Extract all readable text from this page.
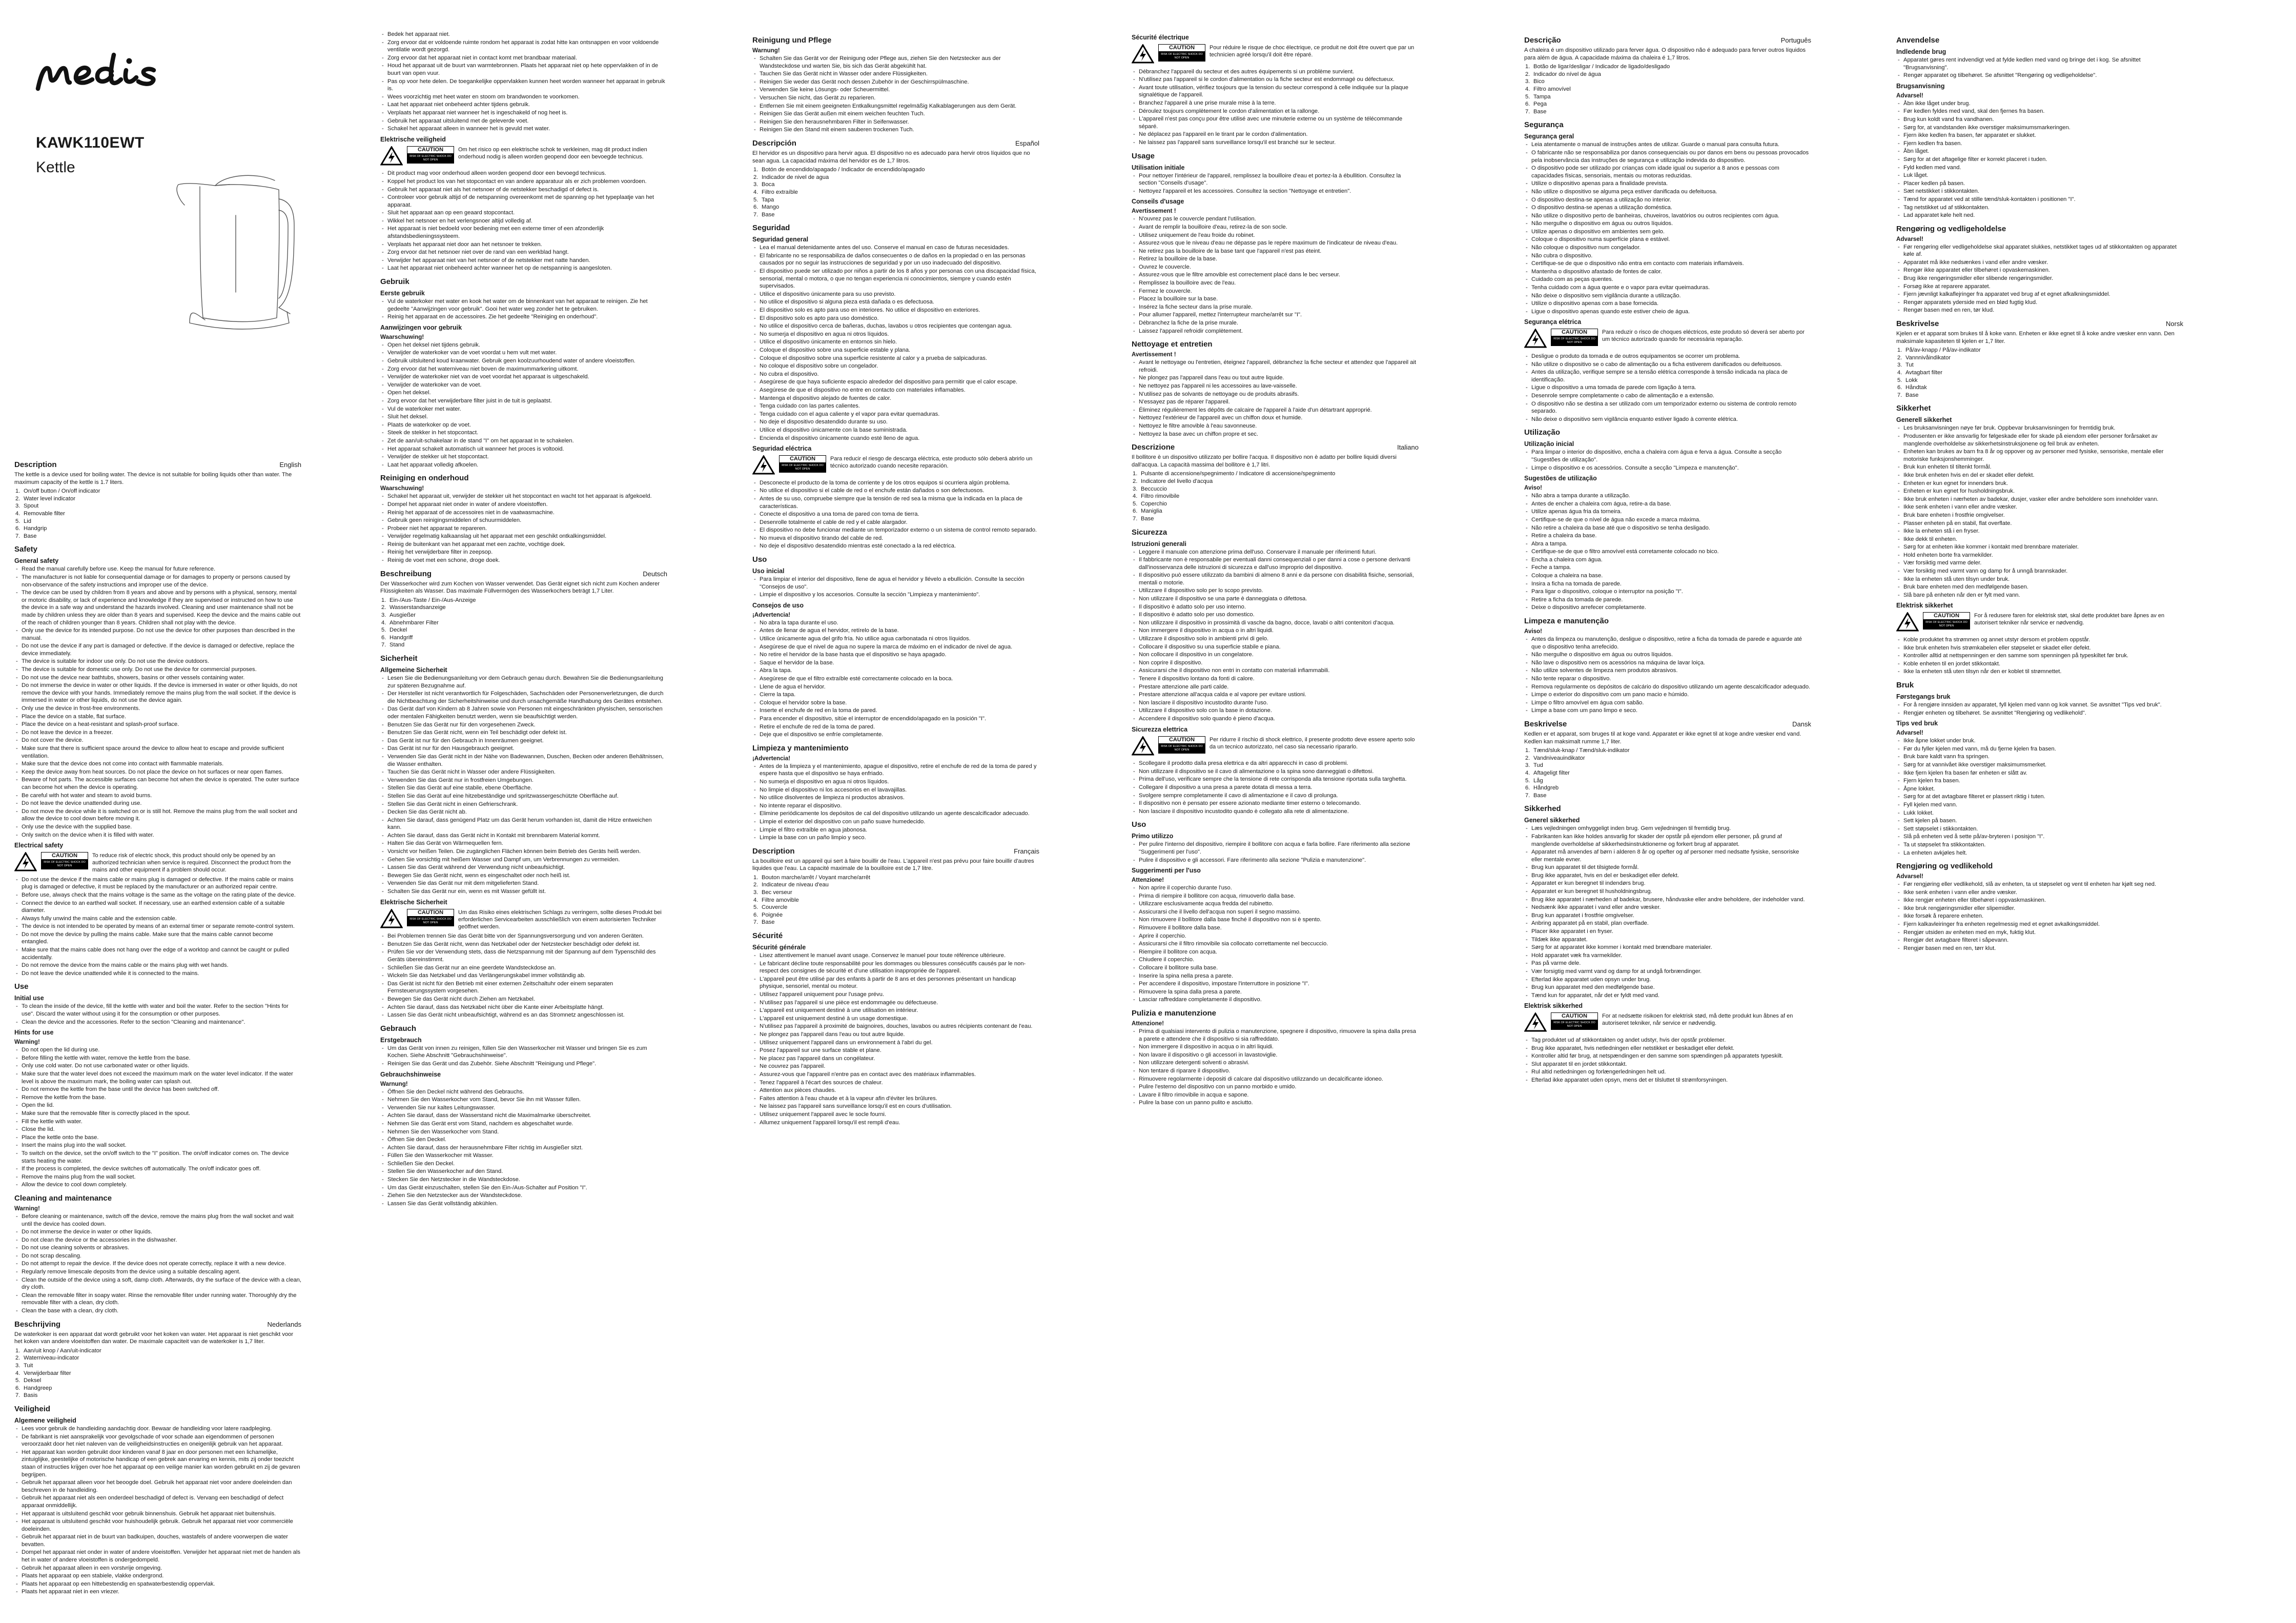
KAWK110EWT
Kettle
Description	English

The kettle is a device used for boiling water. The device is not suitable for boiling liquids other than water. The maximum capacity of the kettle is 1.7 liters.

1. On/off button / On/off indicator
2. Water level indicator
3. Spout
4. Removable filter
5. Lid
6. Handgrip
7. Base
Safety
General safety
- Read the manual carefully before use. Keep the manual for future reference.
- The manufacturer is not liable for consequential damage or for damages to property or persons caused by non-observance of the safety instructions and improper use of the device.
- The device can be used by children from 8 years and above and by persons with a physical, sensory, mental or motoric disability, or lack of experience and knowledge if they are supervised or instructed on how to use the device in a safe way and understand the hazards involved. Cleaning and user maintenance shall not be made by children unless they are older than 8 years and supervised. Keep the device and the mains cable out of the reach of children younger than 8 years. Children shall not play with the device.
- Only use the device for its intended purpose. Do not use the device for other purposes than described in the manual.
- Do not use the device if any part is damaged or defective. If the device is damaged or defective, replace the device immediately.
- The device is suitable for indoor use only. Do not use the device outdoors.
- The device is suitable for domestic use only. Do not use the device for commercial purposes.
- Do not use the device near bathtubs, showers, basins or other vessels containing water.
- Do not immerse the device in water or other liquids. If the device is immersed in water or other liquids, do not remove the device with your hands. Immediately remove the mains plug from the wall socket. If the device is immersed in water or other liquids, do not use the device again.
- Only use the device in frost-free environments.
- Place the device on a stable, flat surface.
- Place the device on a heat-resistant and splash-proof surface.
- Do not leave the device in a freezer.
- Do not cover the device.
- Make sure that there is sufficient space around the device to allow heat to escape and provide sufficient ventilation.
- Make sure that the device does not come into contact with flammable materials.
- Keep the device away from heat sources. Do not place the device on hot surfaces or near open flames.
- Beware of hot parts. The accessible surfaces can become hot when the device is operated. The outer surface can become hot when the device is operating.
- Be careful with hot water and steam to avoid burns.
- Do not leave the device unattended during use.
- Do not move the device while it is switched on or is still hot. Remove the mains plug from the wall socket and allow the device to cool down before moving it.
- Only use the device with the supplied base.
- Only switch on the device when it is filled with water.
Electrical safety
CAUTION
RISK OF ELECTRIC SHOCK DO NOT OPEN
To reduce risk of electric shock, this product should only be opened by an authorized technician when service is required. Disconnect the product from the mains and other equipment if a problem should occur.
- Do not use the device if the mains cable or mains plug is damaged or defective. If the mains cable or mains plug is damaged or defective, it must be replaced by the manufacturer or an authorized repair centre.
- Before use, always check that the mains voltage is the same as the voltage on the rating plate of the device.
- Connect the device to an earthed wall socket. If necessary, use an earthed extension cable of a suitable diameter.
- Always fully unwind the mains cable and the extension cable.
- The device is not intended to be operated by means of an external timer or separate remote-control system.
- Do not move the device by pulling the mains cable. Make sure that the mains cable cannot become entangled.
- Make sure that the mains cable does not hang over the edge of a worktop and cannot be caught or pulled accidentally.
- Do not remove the device from the mains cable or the mains plug with wet hands.
- Do not leave the device unattended while it is connected to the mains.
Use
Initial use
- To clean the inside of the device, fill the kettle with water and boil the water. Refer to the section "Hints for use". Discard the water without using it for the consumption or other purposes.
- Clean the device and the accessories. Refer to the section "Cleaning and maintenance".
Hints for use
Warning!
- Do not open the lid during use.
- Before filling the kettle with water, remove the kettle from the base.
- Only use cold water. Do not use carbonated water or other liquids.
- Make sure that the water level does not exceed the maximum mark on the water level indicator. If the water level is above the maximum mark, the boiling water can splash out.
- Do not remove the kettle from the base until the device has been switched off.
- Remove the kettle from the base.
- Open the lid.
- Make sure that the removable filter is correctly placed in the spout.
- Fill the kettle with water.
- Close the lid.
- Place the kettle onto the base.
- Insert the mains plug into the wall socket.
- To switch on the device, set the on/off switch to the "I" position. The on/off indicator comes on. The device starts heating the water.
- If the process is completed, the device switches off automatically. The on/off indicator goes off.
- Remove the mains plug from the wall socket.
- Allow the device to cool down completely.
Cleaning and maintenance
Warning!
- Before cleaning or maintenance, switch off the device, remove the mains plug from the wall socket and wait until the device has cooled down.
- Do not immerse the device in water or other liquids.
- Do not clean the device or the accessories in the dishwasher.
- Do not use cleaning solvents or abrasives.
- Do not scrap descaling.
- Do not attempt to repair the device. If the device does not operate correctly, replace it with a new device.
- Regularly remove limescale deposits from the device using a suitable descaling agent.
- Clean the outside of the device using a soft, damp cloth. Afterwards, dry the surface of the device with a clean, dry cloth.
- Clean the removable filter in soapy water. Rinse the removable filter under running water. Thoroughly dry the removable filter with a clean, dry cloth.
- Clean the base with a clean, dry cloth.
Beschrijving	Nederlands

De waterkoker is een apparaat dat wordt gebruikt voor het koken van water. Het apparaat is niet geschikt voor het koken van andere vloeistoffen dan water. De maximale capaciteit van de waterkoker is 1,7 liter.

1. Aan/uit knop / Aan/uit-indicator
2. Waterniveau-indicator
3. Tuit
4. Verwijderbaar filter
5. Deksel
6. Handgreep
7. Basis
Veiligheid
Algemene veiligheid
- Lees voor gebruik de handleiding aandachtig door. Bewaar de handleiding voor latere raadpleging.
- De fabrikant is niet aansprakelijk voor gevolgschade of voor schade aan eigendommen of personen veroorzaakt door het niet naleven van de veiligheidsinstructies en oneigenlijk gebruik van het apparaat.
- Het apparaat kan worden gebruikt door kinderen vanaf 8 jaar en door personen met een lichamelijke, zintuiglijke, geestelijke of motorische handicap of een gebrek aan ervaring en kennis, mits zij onder toezicht staan of instructies krijgen over hoe het apparaat op een veilige manier kan worden gebruikt en zij de gevaren begrijpen.
- Gebruik het apparaat alleen voor het beoogde doel. Gebruik het apparaat niet voor andere doeleinden dan beschreven in de handleiding.
- Gebruik het apparaat niet als een onderdeel beschadigd of defect is. Vervang een beschadigd of defect apparaat onmiddellijk.
- Het apparaat is uitsluitend geschikt voor gebruik binnenshuis. Gebruik het apparaat niet buitenshuis.
- Het apparaat is uitsluitend geschikt voor huishoudelijk gebruik. Gebruik het apparaat niet voor commerciële doeleinden.
- Gebruik het apparaat niet in de buurt van badkuipen, douches, wastafels of andere voorwerpen die water bevatten.
- Dompel het apparaat niet onder in water of andere vloeistoffen. Verwijder het apparaat niet met de handen als het in water of andere vloeistoffen is ondergedompeld.
- Gebruik het apparaat alleen in een vorstvrije omgeving.
- Plaats het apparaat op een stabiele, vlakke ondergrond.
- Plaats het apparaat op een hittebestendig en spatwaterbestendig oppervlak.
- Plaats het apparaat niet in een vriezer.
- Bedek het apparaat niet.
- Zorg ervoor dat er voldoende ruimte rondom het apparaat is zodat hitte kan ontsnappen en voor voldoende ventilatie wordt gezorgd.
- Zorg ervoor dat het apparaat niet in contact komt met brandbaar materiaal.
- Houd het apparaat uit de buurt van warmtebronnen. Plaats het apparaat niet op hete oppervlakken of in de buurt van open vuur.
- Pas op voor hete delen. De toegankelijke oppervlakken kunnen heet worden wanneer het apparaat in gebruik is.
- Wees voorzichtig met heet water en stoom om brandwonden te voorkomen.
- Laat het apparaat niet onbeheerd achter tijdens gebruik.
- Verplaats het apparaat niet wanneer het is ingeschakeld of nog heet is.
- Gebruik het apparaat uitsluitend met de geleverde voet.
- Schakel het apparaat alleen in wanneer het is gevuld met water.
Elektrische veiligheid
CAUTION
RISK OF ELECTRIC SHOCK DO NOT OPEN
Om het risico op een elektrische schok te verkleinen, mag dit product indien onderhoud nodig is alleen worden geopend door een bevoegde technicus.
- Dit product mag voor onderhoud alleen worden geopend door een bevoegd technicus.
- Koppel het product los van het stopcontact en van andere apparatuur als er zich problemen voordoen.
- Gebruik het apparaat niet als het netsnoer of de netstekker beschadigd of defect is.
- Controleer voor gebruik altijd of de netspanning overeenkomt met de spanning op het typeplaatje van het apparaat.
- Sluit het apparaat aan op een geaard stopcontact.
- Wikkel het netsnoer en het verlengsnoer altijd volledig af.
- Het apparaat is niet bedoeld voor bediening met een externe timer of een afzonderlijk afstandsbedieningssysteem.
- Verplaats het apparaat niet door aan het netsnoer te trekken.
- Zorg ervoor dat het netsnoer niet over de rand van een werkblad hangt.
- Verwijder het apparaat niet van het netsnoer of de netstekker met natte handen.
- Laat het apparaat niet onbeheerd achter wanneer het op de netspanning is aangesloten.
Gebruik
Eerste gebruik
- Vul de waterkoker met water en kook het water om de binnenkant van het apparaat te reinigen. Zie het gedeelte "Aanwijzingen voor gebruik". Gooi het water weg zonder het te gebruiken.
- Reinig het apparaat en de accessoires. Zie het gedeelte "Reiniging en onderhoud".
Aanwijzingen voor gebruik
Waarschuwing!
- Open het deksel niet tijdens gebruik.
- Verwijder de waterkoker van de voet voordat u hem vult met water.
- Gebruik uitsluitend koud kraanwater. Gebruik geen koolzuurhoudend water of andere vloeistoffen.
- Zorg ervoor dat het waterniveau niet boven de maximummarkering uitkomt.
- Verwijder de waterkoker niet van de voet voordat het apparaat is uitgeschakeld.
- Verwijder de waterkoker van de voet.
- Open het deksel.
- Zorg ervoor dat het verwijderbare filter juist in de tuit is geplaatst.
- Vul de waterkoker met water.
- Sluit het deksel.
- Plaats de waterkoker op de voet.
- Steek de stekker in het stopcontact.
- Zet de aan/uit-schakelaar in de stand "I" om het apparaat in te schakelen.
- Het apparaat schakelt automatisch uit wanneer het proces is voltooid.
- Verwijder de stekker uit het stopcontact.
- Laat het apparaat volledig afkoelen.
Reiniging en onderhoud
Waarschuwing!
- Schakel het apparaat uit, verwijder de stekker uit het stopcontact en wacht tot het apparaat is afgekoeld.
- Dompel het apparaat niet onder in water of andere vloeistoffen.
- Reinig het apparaat of de accessoires niet in de vaatwasmachine.
- Gebruik geen reinigingsmiddelen of schuurmiddelen.
- Probeer niet het apparaat te repareren.
- Verwijder regelmatig kalkaanslag uit het apparaat met een geschikt ontkalkingsmiddel.
- Reinig de buitenkant van het apparaat met een zachte, vochtige doek.
- Reinig het verwijderbare filter in zeepsop.
- Reinig de voet met een schone, droge doek.
Beschreibung	Deutsch

Der Wasserkocher wird zum Kochen von Wasser verwendet. Das Gerät eignet sich nicht zum Kochen anderer Flüssigkeiten als Wasser. Das maximale Füllvermögen des Wasserkochers beträgt 1,7 Liter.

1. Ein-/Aus-Taste / Ein-/Aus-Anzeige
2. Wasserstandsanzeige
3. Ausgießer
4. Abnehmbarer Filter
5. Deckel
6. Handgriff
7. Stand
Sicherheit
Allgemeine Sicherheit
- Lesen Sie die Bedienungsanleitung vor dem Gebrauch genau durch. Bewahren Sie die Bedienungsanleitung zur späteren Bezugnahme auf.
- Der Hersteller ist nicht verantwortlich für Folgeschäden, Sachschäden oder Personenverletzungen, die durch die Nichtbeachtung der Sicherheitshinweise und durch unsachgemäße Handhabung des Gerätes entstehen.
- Das Gerät darf von Kindern ab 8 Jahren sowie von Personen mit eingeschränkten physischen, sensorischen oder mentalen Fähigkeiten benutzt werden, wenn sie beaufsichtigt werden.
- Benutzen Sie das Gerät nur für den vorgesehenen Zweck.
- Benutzen Sie das Gerät nicht, wenn ein Teil beschädigt oder defekt ist.
- Das Gerät ist nur für den Gebrauch in Innenräumen geeignet.
- Das Gerät ist nur für den Hausgebrauch geeignet.
- Verwenden Sie das Gerät nicht in der Nähe von Badewannen, Duschen, Becken oder anderen Behältnissen, die Wasser enthalten.
- Tauchen Sie das Gerät nicht in Wasser oder andere Flüssigkeiten.
- Verwenden Sie das Gerät nur in frostfreien Umgebungen.
- Stellen Sie das Gerät auf eine stabile, ebene Oberfläche.
- Stellen Sie das Gerät auf eine hitzebeständige und spritzwassergeschützte Oberfläche auf.
- Stellen Sie das Gerät nicht in einen Gefrierschrank.
- Decken Sie das Gerät nicht ab.
- Achten Sie darauf, dass genügend Platz um das Gerät herum vorhanden ist, damit die Hitze entweichen kann.
- Achten Sie darauf, dass das Gerät nicht in Kontakt mit brennbarem Material kommt.
- Halten Sie das Gerät von Wärmequellen fern.
- Vorsicht vor heißen Teilen. Die zugänglichen Flächen können beim Betrieb des Geräts heiß werden.
- Gehen Sie vorsichtig mit heißem Wasser und Dampf um, um Verbrennungen zu vermeiden.
- Lassen Sie das Gerät während der Verwendung nicht unbeaufsichtigt.
- Bewegen Sie das Gerät nicht, wenn es eingeschaltet oder noch heiß ist.
- Verwenden Sie das Gerät nur mit dem mitgelieferten Stand.
- Schalten Sie das Gerät nur ein, wenn es mit Wasser gefüllt ist.
Elektrische Sicherheit
CAUTION
RISK OF ELECTRIC SHOCK DO NOT OPEN
Um das Risiko eines elektrischen Schlags zu verringern, sollte dieses Produkt bei erforderlichen Servicearbeiten ausschließlich von einem autorisierten Techniker geöffnet werden.
- Bei Problemen trennen Sie das Gerät bitte von der Spannungsversorgung und von anderen Geräten.
- Benutzen Sie das Gerät nicht, wenn das Netzkabel oder der Netzstecker beschädigt oder defekt ist.
- Prüfen Sie vor der Verwendung stets, dass die Netzspannung mit der Spannung auf dem Typenschild des Geräts übereinstimmt.
- Schließen Sie das Gerät nur an eine geerdete Wandsteckdose an.
- Wickeln Sie das Netzkabel und das Verlängerungskabel immer vollständig ab.
- Das Gerät ist nicht für den Betrieb mit einer externen Zeitschaltuhr oder einem separaten Fernsteuerungssystem vorgesehen.
- Bewegen Sie das Gerät nicht durch Ziehen am Netzkabel.
- Achten Sie darauf, dass das Netzkabel nicht über die Kante einer Arbeitsplatte hängt.
- Lassen Sie das Gerät nicht unbeaufsichtigt, während es an das Stromnetz angeschlossen ist.
Gebrauch
Erstgebrauch
- Um das Gerät von innen zu reinigen, füllen Sie den Wasserkocher mit Wasser und bringen Sie es zum Kochen. Siehe Abschnitt "Gebrauchshinweise".
- Reinigen Sie das Gerät und das Zubehör. Siehe Abschnitt "Reinigung und Pflege".
Gebrauchshinweise
Warnung!
- Öffnen Sie den Deckel nicht während des Gebrauchs.
- Nehmen Sie den Wasserkocher vom Stand, bevor Sie ihn mit Wasser füllen.
- Verwenden Sie nur kaltes Leitungswasser.
- Achten Sie darauf, dass der Wasserstand nicht die Maximalmarke überschreitet.
- Nehmen Sie das Gerät erst vom Stand, nachdem es abgeschaltet wurde.
- Nehmen Sie den Wasserkocher vom Stand.
- Öffnen Sie den Deckel.
- Achten Sie darauf, dass der herausnehmbare Filter richtig im Ausgießer sitzt.
- Füllen Sie den Wasserkocher mit Wasser.
- Schließen Sie den Deckel.
- Stellen Sie den Wasserkocher auf den Stand.
- Stecken Sie den Netzstecker in die Wandsteckdose.
- Um das Gerät einzuschalten, stellen Sie den Ein-/Aus-Schalter auf Position "I".
- Ziehen Sie den Netzstecker aus der Wandsteckdose.
- Lassen Sie das Gerät vollständig abkühlen.
Reinigung und Pflege
Warnung!
- Schalten Sie das Gerät vor der Reinigung oder Pflege aus, ziehen Sie den Netzstecker aus der Wandsteckdose und warten Sie, bis sich das Gerät abgekühlt hat.
- Tauchen Sie das Gerät nicht in Wasser oder andere Flüssigkeiten.
- Reinigen Sie weder das Gerät noch dessen Zubehör in der Geschirrspülmaschine.
- Verwenden Sie keine Lösungs- oder Scheuermittel.
- Versuchen Sie nicht, das Gerät zu reparieren.
- Entfernen Sie mit einem geeigneten Entkalkungsmittel regelmäßig Kalkablagerungen aus dem Gerät.
- Reinigen Sie das Gerät außen mit einem weichen feuchten Tuch.
- Reinigen Sie den herausnehmbaren Filter in Seifenwasser.
- Reinigen Sie den Stand mit einem sauberen trockenen Tuch.
Descripción	Español

El hervidor es un dispositivo para hervir agua. El dispositivo no es adecuado para hervir otros líquidos que no sean agua. La capacidad máxima del hervidor es de 1,7 litros.

1. Botón de encendido/apagado / Indicador de encendido/apagado
2. Indicador de nivel de agua
3. Boca
4. Filtro extraíble
5. Tapa
6. Mango
7. Base
Seguridad
Seguridad general
- Lea el manual detenidamente antes del uso. Conserve el manual en caso de futuras necesidades.
- El fabricante no se responsabiliza de daños consecuentes o de daños en la propiedad o en las personas causados por no seguir las instrucciones de seguridad y por un uso inadecuado del dispositivo.
- El dispositivo puede ser utilizado por niños a partir de los 8 años y por personas con una discapacidad física, sensorial, mental o motora, o que no tengan experiencia ni conocimientos, siempre y cuando estén supervisados.
- Utilice el dispositivo únicamente para su uso previsto.
- No utilice el dispositivo si alguna pieza está dañada o es defectuosa.
- El dispositivo solo es apto para uso en interiores. No utilice el dispositivo en exteriores.
- El dispositivo solo es apto para uso doméstico.
- No utilice el dispositivo cerca de bañeras, duchas, lavabos u otros recipientes que contengan agua.
- No sumerja el dispositivo en agua ni otros líquidos.
- Utilice el dispositivo únicamente en entornos sin hielo.
- Coloque el dispositivo sobre una superficie estable y plana.
- Coloque el dispositivo sobre una superficie resistente al calor y a prueba de salpicaduras.
- No coloque el dispositivo sobre un congelador.
- No cubra el dispositivo.
- Asegúrese de que haya suficiente espacio alrededor del dispositivo para permitir que el calor escape.
- Asegúrese de que el dispositivo no entre en contacto con materiales inflamables.
- Mantenga el dispositivo alejado de fuentes de calor.
- Tenga cuidado con las partes calientes.
- Tenga cuidado con el agua caliente y el vapor para evitar quemaduras.
- No deje el dispositivo desatendido durante su uso.
- Utilice el dispositivo únicamente con la base suministrada.
- Encienda el dispositivo únicamente cuando esté lleno de agua.
Seguridad eléctrica
CAUTION
RISK OF ELECTRIC SHOCK DO NOT OPEN
Para reducir el riesgo de descarga eléctrica, este producto sólo deberá abrirlo un técnico autorizado cuando necesite reparación.
- Desconecte el producto de la toma de corriente y de los otros equipos si ocurriera algún problema.
- No utilice el dispositivo si el cable de red o el enchufe están dañados o son defectuosos.
- Antes de su uso, compruebe siempre que la tensión de red sea la misma que la indicada en la placa de características.
- Conecte el dispositivo a una toma de pared con toma de tierra.
- Desenrolle totalmente el cable de red y el cable alargador.
- El dispositivo no debe funcionar mediante un temporizador externo o un sistema de control remoto separado.
- No mueva el dispositivo tirando del cable de red.
- No deje el dispositivo desatendido mientras esté conectado a la red eléctrica.
Uso
Uso inicial
- Para limpiar el interior del dispositivo, llene de agua el hervidor y llévelo a ebullición. Consulte la sección "Consejos de uso".
- Limpie el dispositivo y los accesorios. Consulte la sección "Limpieza y mantenimiento".
Consejos de uso
¡Advertencia!
- No abra la tapa durante el uso.
- Antes de llenar de agua el hervidor, retírelo de la base.
- Utilice únicamente agua del grifo fría. No utilice agua carbonatada ni otros líquidos.
- Asegúrese de que el nivel de agua no supere la marca de máximo en el indicador de nivel de agua.
- No retire el hervidor de la base hasta que el dispositivo se haya apagado.
- Saque el hervidor de la base.
- Abra la tapa.
- Asegúrese de que el filtro extraíble esté correctamente colocado en la boca.
- Llene de agua el hervidor.
- Cierre la tapa.
- Coloque el hervidor sobre la base.
- Inserte el enchufe de red en la toma de pared.
- Para encender el dispositivo, sitúe el interruptor de encendido/apagado en la posición "I".
- Retire el enchufe de red de la toma de pared.
- Deje que el dispositivo se enfríe completamente.
Limpieza y mantenimiento
¡Advertencia!
- Antes de la limpieza y el mantenimiento, apague el dispositivo, retire el enchufe de red de la toma de pared y espere hasta que el dispositivo se haya enfriado.
- No sumerja el dispositivo en agua ni otros líquidos.
- No limpie el dispositivo ni los accesorios en el lavavajillas.
- No utilice disolventes de limpieza ni productos abrasivos.
- No intente reparar el dispositivo.
- Elimine periódicamente los depósitos de cal del dispositivo utilizando un agente descalcificador adecuado.
- Limpie el exterior del dispositivo con un paño suave humedecido.
- Limpie el filtro extraíble en agua jabonosa.
- Limpie la base con un paño limpio y seco.
Description	Français

La bouilloire est un appareil qui sert à faire bouillir de l'eau. L'appareil n'est pas prévu pour faire bouillir d'autres liquides que l'eau. La capacité maximale de la bouilloire est de 1,7 litre.

1. Bouton marche/arrêt / Voyant marche/arrêt
2. Indicateur de niveau d'eau
3. Bec verseur
4. Filtre amovible
5. Couvercle
6. Poignée
7. Base
Sécurité
Sécurité générale
- Lisez attentivement le manuel avant usage. Conservez le manuel pour toute référence ultérieure.
- Le fabricant décline toute responsabilité pour les dommages ou blessures consécutifs causés par le non-respect des consignes de sécurité et d'une utilisation inappropriée de l'appareil.
- L'appareil peut être utilisé par des enfants à partir de 8 ans et des personnes présentant un handicap physique, sensoriel, mental ou moteur.
- Utilisez l'appareil uniquement pour l'usage prévu.
- N'utilisez pas l'appareil si une pièce est endommagée ou défectueuse.
- L'appareil est uniquement destiné à une utilisation en intérieur.
- L'appareil est uniquement destiné à un usage domestique.
- N'utilisez pas l'appareil à proximité de baignoires, douches, lavabos ou autres récipients contenant de l'eau.
- Ne plongez pas l'appareil dans l'eau ou tout autre liquide.
- Utilisez uniquement l'appareil dans un environnement à l'abri du gel.
- Posez l'appareil sur une surface stable et plane.
- Ne placez pas l'appareil dans un congélateur.
- Ne couvrez pas l'appareil.
- Assurez-vous que l'appareil n'entre pas en contact avec des matériaux inflammables.
- Tenez l'appareil à l'écart des sources de chaleur.
- Attention aux pièces chaudes.
- Faites attention à l'eau chaude et à la vapeur afin d'éviter les brûlures.
- Ne laissez pas l'appareil sans surveillance lorsqu'il est en cours d'utilisation.
- Utilisez uniquement l'appareil avec le socle fourni.
- Allumez uniquement l'appareil lorsqu'il est rempli d'eau.
Sécurité électrique
CAUTION
RISK OF ELECTRIC SHOCK DO NOT OPEN
Pour réduire le risque de choc électrique, ce produit ne doit être ouvert que par un technicien agréé lorsqu'il doit être réparé.
- Débranchez l'appareil du secteur et des autres équipements si un problème survient.
- N'utilisez pas l'appareil si le cordon d'alimentation ou la fiche secteur est endommagé ou défectueux.
- Avant toute utilisation, vérifiez toujours que la tension du secteur correspond à celle indiquée sur la plaque signalétique de l'appareil.
- Branchez l'appareil à une prise murale mise à la terre.
- Déroulez toujours complètement le cordon d'alimentation et la rallonge.
- L'appareil n'est pas conçu pour être utilisé avec une minuterie externe ou un système de télécommande séparé.
- Ne déplacez pas l'appareil en le tirant par le cordon d'alimentation.
- Ne laissez pas l'appareil sans surveillance lorsqu'il est branché sur le secteur.
Usage
Utilisation initiale
- Pour nettoyer l'intérieur de l'appareil, remplissez la bouilloire d'eau et portez-la à ébullition. Consultez la section "Conseils d'usage".
- Nettoyez l'appareil et les accessoires. Consultez la section "Nettoyage et entretien".
Conseils d'usage
Avertissement !
- N'ouvrez pas le couvercle pendant l'utilisation.
- Avant de remplir la bouilloire d'eau, retirez-la de son socle.
- Utilisez uniquement de l'eau froide du robinet.
- Assurez-vous que le niveau d'eau ne dépasse pas le repère maximum de l'indicateur de niveau d'eau.
- Ne retirez pas la bouilloire de la base tant que l'appareil n'est pas éteint.
- Retirez la bouilloire de la base.
- Ouvrez le couvercle.
- Assurez-vous que le filtre amovible est correctement placé dans le bec verseur.
- Remplissez la bouilloire avec de l'eau.
- Fermez le couvercle.
- Placez la bouilloire sur la base.
- Insérez la fiche secteur dans la prise murale.
- Pour allumer l'appareil, mettez l'interrupteur marche/arrêt sur "I".
- Débranchez la fiche de la prise murale.
- Laissez l'appareil refroidir complètement.
Nettoyage et entretien
Avertissement !
- Avant le nettoyage ou l'entretien, éteignez l'appareil, débranchez la fiche secteur et attendez que l'appareil ait refroidi.
- Ne plongez pas l'appareil dans l'eau ou tout autre liquide.
- Ne nettoyez pas l'appareil ni les accessoires au lave-vaisselle.
- N'utilisez pas de solvants de nettoyage ou de produits abrasifs.
- N'essayez pas de réparer l'appareil.
- Éliminez régulièrement les dépôts de calcaire de l'appareil à l'aide d'un détartrant approprié.
- Nettoyez l'extérieur de l'appareil avec un chiffon doux et humide.
- Nettoyez le filtre amovible à l'eau savonneuse.
- Nettoyez la base avec un chiffon propre et sec.
Descrizione	Italiano

Il bollitore è un dispositivo utilizzato per bollire l'acqua. Il dispositivo non è adatto per bollire liquidi diversi dall'acqua. La capacità massima del bollitore è 1,7 litri.

1. Pulsante di accensione/spegnimento / Indicatore di accensione/spegnimento
2. Indicatore del livello d'acqua
3. Beccuccio
4. Filtro rimovibile
5. Coperchio
6. Maniglia
7. Base
Sicurezza
Istruzioni generali
- Leggere il manuale con attenzione prima dell'uso. Conservare il manuale per riferimenti futuri.
- Il fabbricante non è responsabile per eventuali danni consequenziali o per danni a cose o persone derivanti dall'inosservanza delle istruzioni di sicurezza e dall'uso improprio del dispositivo.
- Il dispositivo può essere utilizzato da bambini di almeno 8 anni e da persone con disabilità fisiche, sensoriali, mentali o motorie.
- Utilizzare il dispositivo solo per lo scopo previsto.
- Non utilizzare il dispositivo se una parte è danneggiata o difettosa.
- Il dispositivo è adatto solo per uso interno.
- Il dispositivo è adatto solo per uso domestico.
- Non utilizzare il dispositivo in prossimità di vasche da bagno, docce, lavabi o altri contenitori d'acqua.
- Non immergere il dispositivo in acqua o in altri liquidi.
- Utilizzare il dispositivo solo in ambienti privi di gelo.
- Collocare il dispositivo su una superficie stabile e piana.
- Non collocare il dispositivo in un congelatore.
- Non coprire il dispositivo.
- Assicurarsi che il dispositivo non entri in contatto con materiali infiammabili.
- Tenere il dispositivo lontano da fonti di calore.
- Prestare attenzione alle parti calde.
- Prestare attenzione all'acqua calda e al vapore per evitare ustioni.
- Non lasciare il dispositivo incustodito durante l'uso.
- Utilizzare il dispositivo solo con la base in dotazione.
- Accendere il dispositivo solo quando è pieno d'acqua.
Sicurezza elettrica
CAUTION
RISK OF ELECTRIC SHOCK DO NOT OPEN
Per ridurre il rischio di shock elettrico, il presente prodotto deve essere aperto solo da un tecnico autorizzato, nel caso sia necessario ripararlo.
- Scollegare il prodotto dalla presa elettrica e da altri apparecchi in caso di problemi.
- Non utilizzare il dispositivo se il cavo di alimentazione o la spina sono danneggiati o difettosi.
- Prima dell'uso, verificare sempre che la tensione di rete corrisponda alla tensione riportata sulla targhetta.
- Collegare il dispositivo a una presa a parete dotata di messa a terra.
- Svolgere sempre completamente il cavo di alimentazione e il cavo di prolunga.
- Il dispositivo non è pensato per essere azionato mediante timer esterno o telecomando.
- Non lasciare il dispositivo incustodito quando è collegato alla rete di alimentazione.
Uso
Primo utilizzo
- Per pulire l'interno del dispositivo, riempire il bollitore con acqua e farla bollire. Fare riferimento alla sezione "Suggerimenti per l'uso".
- Pulire il dispositivo e gli accessori. Fare riferimento alla sezione "Pulizia e manutenzione".
Suggerimenti per l'uso
Attenzione!
- Non aprire il coperchio durante l'uso.
- Prima di riempire il bollitore con acqua, rimuoverlo dalla base.
- Utilizzare esclusivamente acqua fredda del rubinetto.
- Assicurarsi che il livello dell'acqua non superi il segno massimo.
- Non rimuovere il bollitore dalla base finché il dispositivo non si è spento.
- Rimuovere il bollitore dalla base.
- Aprire il coperchio.
- Assicurarsi che il filtro rimovibile sia collocato correttamente nel beccuccio.
- Riempire il bollitore con acqua.
- Chiudere il coperchio.
- Collocare il bollitore sulla base.
- Inserire la spina nella presa a parete.
- Per accendere il dispositivo, impostare l'interruttore in posizione "I".
- Rimuovere la spina dalla presa a parete.
- Lasciar raffreddare completamente il dispositivo.
Pulizia e manutenzione
Attenzione!
- Prima di qualsiasi intervento di pulizia o manutenzione, spegnere il dispositivo, rimuovere la spina dalla presa a parete e attendere che il dispositivo si sia raffreddato.
- Non immergere il dispositivo in acqua o in altri liquidi.
- Non lavare il dispositivo o gli accessori in lavastoviglie.
- Non utilizzare detergenti solventi o abrasivi.
- Non tentare di riparare il dispositivo.
- Rimuovere regolarmente i depositi di calcare dal dispositivo utilizzando un decalcificante idoneo.
- Pulire l'esterno del dispositivo con un panno morbido e umido.
- Lavare il filtro rimovibile in acqua e sapone.
- Pulire la base con un panno pulito e asciutto.
Descrição	Português

A chaleira é um dispositivo utilizado para ferver água. O dispositivo não é adequado para ferver outros líquidos para além de água. A capacidade máxima da chaleira é 1,7 litros.

1. Botão de ligar/desligar / Indicador de ligado/desligado
2. Indicador do nível de água
3. Bico
4. Filtro amovível
5. Tampa
6. Pega
7. Base
Segurança
Segurança geral
- Leia atentamente o manual de instruções antes de utilizar. Guarde o manual para consulta futura.
- O fabricante não se responsabiliza por danos consequenciais ou por danos em bens ou pessoas provocados pela inobservância das instruções de segurança e utilização indevida do dispositivo.
- O dispositivo pode ser utilizado por crianças com idade igual ou superior a 8 anos e pessoas com capacidades físicas, sensoriais, mentais ou motoras reduzidas.
- Utilize o dispositivo apenas para a finalidade prevista.
- Não utilize o dispositivo se alguma peça estiver danificada ou defeituosa.
- O dispositivo destina-se apenas a utilização no interior.
- O dispositivo destina-se apenas a utilização doméstica.
- Não utilize o dispositivo perto de banheiras, chuveiros, lavatórios ou outros recipientes com água.
- Não mergulhe o dispositivo em água ou outros líquidos.
- Utilize apenas o dispositivo em ambientes sem gelo.
- Coloque o dispositivo numa superfície plana e estável.
- Não coloque o dispositivo num congelador.
- Não cubra o dispositivo.
- Certifique-se de que o dispositivo não entra em contacto com materiais inflamáveis.
- Mantenha o dispositivo afastado de fontes de calor.
- Cuidado com as peças quentes.
- Tenha cuidado com a água quente e o vapor para evitar queimaduras.
- Não deixe o dispositivo sem vigilância durante a utilização.
- Utilize o dispositivo apenas com a base fornecida.
- Ligue o dispositivo apenas quando este estiver cheio de água.
Segurança elétrica
CAUTION
RISK OF ELECTRIC SHOCK DO NOT OPEN
Para reduzir o risco de choques eléctricos, este produto só deverá ser aberto por um técnico autorizado quando for necessária reparação.
- Desligue o produto da tomada e de outros equipamentos se ocorrer um problema.
- Não utilize o dispositivo se o cabo de alimentação ou a ficha estiverem danificados ou defeituosos.
- Antes da utilização, verifique sempre se a tensão elétrica corresponde à tensão indicada na placa de identificação.
- Ligue o dispositivo a uma tomada de parede com ligação à terra.
- Desenrole sempre completamente o cabo de alimentação e a extensão.
- O dispositivo não se destina a ser utilizado com um temporizador externo ou sistema de controlo remoto separado.
- Não deixe o dispositivo sem vigilância enquanto estiver ligado à corrente elétrica.
Utilização
Utilização inicial
- Para limpar o interior do dispositivo, encha a chaleira com água e ferva a água. Consulte a secção "Sugestões de utilização".
- Limpe o dispositivo e os acessórios. Consulte a secção "Limpeza e manutenção".
Sugestões de utilização
Aviso!
- Não abra a tampa durante a utilização.
- Antes de encher a chaleira com água, retire-a da base.
- Utilize apenas água fria da torneira.
- Certifique-se de que o nível de água não excede a marca máxima.
- Não retire a chaleira da base até que o dispositivo se tenha desligado.
- Retire a chaleira da base.
- Abra a tampa.
- Certifique-se de que o filtro amovível está corretamente colocado no bico.
- Encha a chaleira com água.
- Feche a tampa.
- Coloque a chaleira na base.
- Insira a ficha na tomada de parede.
- Para ligar o dispositivo, coloque o interruptor na posição "I".
- Retire a ficha da tomada de parede.
- Deixe o dispositivo arrefecer completamente.
Limpeza e manutenção
Aviso!
- Antes da limpeza ou manutenção, desligue o dispositivo, retire a ficha da tomada de parede e aguarde até que o dispositivo tenha arrefecido.
- Não mergulhe o dispositivo em água ou outros líquidos.
- Não lave o dispositivo nem os acessórios na máquina de lavar loiça.
- Não utilize solventes de limpeza nem produtos abrasivos.
- Não tente reparar o dispositivo.
- Remova regularmente os depósitos de calcário do dispositivo utilizando um agente descalcificador adequado.
- Limpe o exterior do dispositivo com um pano macio e húmido.
- Limpe o filtro amovível em água com sabão.
- Limpe a base com um pano limpo e seco.
Beskrivelse	Dansk

Kedlen er et apparat, som bruges til at koge vand. Apparatet er ikke egnet til at koge andre væsker end vand. Kedlen kan maksimalt rumme 1,7 liter.

1. Tænd/sluk-knap / Tænd/sluk-indikator
2. Vandniveauindikator
3. Tud
4. Aftageligt filter
5. Låg
6. Håndgreb
7. Base
Sikkerhed
Generel sikkerhed
- Læs vejledningen omhyggeligt inden brug. Gem vejledningen til fremtidig brug.
- Fabrikanten kan ikke holdes ansvarlig for skader der opstår på ejendom eller personer, på grund af manglende overholdelse af sikkerhedsinstruktionerne og forkert brug af apparatet.
- Apparatet må anvendes af børn i alderen 8 år og opefter og af personer med nedsatte fysiske, sensoriske eller mentale evner.
- Brug kun apparatet til det tilsigtede formål.
- Brug ikke apparatet, hvis en del er beskadiget eller defekt.
- Apparatet er kun beregnet til indendørs brug.
- Apparatet er kun beregnet til husholdningsbrug.
- Brug ikke apparatet i nærheden af badekar, brusere, håndvaske eller andre beholdere, der indeholder vand.
- Nedsænk ikke apparatet i vand eller andre væsker.
- Brug kun apparatet i frostfrie omgivelser.
- Anbring apparatet på en stabil, plan overflade.
- Placer ikke apparatet i en fryser.
- Tildæk ikke apparatet.
- Sørg for at apparatet ikke kommer i kontakt med brændbare materialer.
- Hold apparatet væk fra varmekilder.
- Pas på varme dele.
- Vær forsigtig med varmt vand og damp for at undgå forbrændinger.
- Efterlad ikke apparatet uden opsyn under brug.
- Brug kun apparatet med den medfølgende base.
- Tænd kun for apparatet, når det er fyldt med vand.
Elektrisk sikkerhed
CAUTION
RISK OF ELECTRIC SHOCK DO NOT OPEN
For at nedsætte risikoen for elektrisk stød, må dette produkt kun åbnes af en autoriseret tekniker, når service er nødvendig.
- Tag produktet ud af stikkontakten og andet udstyr, hvis der opstår problemer.
- Brug ikke apparatet, hvis netledningen eller netstikket er beskadiget eller defekt.
- Kontroller altid før brug, at netspændingen er den samme som spændingen på apparatets typeskilt.
- Slut apparatet til en jordet stikkontakt.
- Rul altid netledningen og forlængerledningen helt ud.
- Efterlad ikke apparatet uden opsyn, mens det er tilsluttet til strømforsyningen.
Anvendelse
Indledende brug
- Apparatet gøres rent indvendigt ved at fylde kedlen med vand og bringe det i kog. Se afsnittet "Brugsanvisning".
- Rengør apparatet og tilbehøret. Se afsnittet "Rengøring og vedligeholdelse".
Brugsanvisning
Advarsel!
- Åbn ikke låget under brug.
- Før kedlen fyldes med vand, skal den fjernes fra basen.
- Brug kun koldt vand fra vandhanen.
- Sørg for, at vandstanden ikke overstiger maksimumsmarkeringen.
- Fjern ikke kedlen fra basen, før apparatet er slukket.
- Fjern kedlen fra basen.
- Åbn låget.
- Sørg for at det aftagelige filter er korrekt placeret i tuden.
- Fyld kedlen med vand.
- Luk låget.
- Placer kedlen på basen.
- Sæt netstikket i stikkontakten.
- Tænd for apparatet ved at stille tænd/sluk-kontakten i positionen "I".
- Tag netstikket ud af stikkontakten.
- Lad apparatet køle helt ned.
Rengøring og vedligeholdelse
Advarsel!
- Før rengøring eller vedligeholdelse skal apparatet slukkes, netstikket tages ud af stikkontakten og apparatet køle af.
- Apparatet må ikke nedsænkes i vand eller andre væsker.
- Rengør ikke apparatet eller tilbehøret i opvaskemaskinen.
- Brug ikke rengøringsmidler eller slibende rengøringsmidler.
- Forsøg ikke at reparere apparatet.
- Fjern jævnligt kalkaflejringer fra apparatet ved brug af et egnet afkalkningsmiddel.
- Rengør apparatets yderside med en blød fugtig klud.
- Rengør basen med en ren, tør klud.
Beskrivelse	Norsk

Kjelen er et apparat som brukes til å koke vann. Enheten er ikke egnet til å koke andre væsker enn vann. Den maksimale kapasiteten til kjelen er 1,7 liter.

1. På/av-knapp / På/av-indikator
2. Vannnivåindikator
3. Tut
4. Avtagbart filter
5. Lokk
6. Håndtak
7. Base
Sikkerhet
Generell sikkerhet
- Les bruksanvisningen nøye før bruk. Oppbevar bruksanvisningen for fremtidig bruk.
- Produsenten er ikke ansvarlig for følgeskade eller for skade på eiendom eller personer forårsaket av manglende overholdelse av sikkerhetsinstruksjonene og feil bruk av enheten.
- Enheten kan brukes av barn fra 8 år og oppover og av personer med fysiske, sensoriske, mentale eller motoriske funksjonshemminger.
- Bruk kun enheten til tiltenkt formål.
- Ikke bruk enheten hvis en del er skadet eller defekt.
- Enheten er kun egnet for innendørs bruk.
- Enheten er kun egnet for husholdningsbruk.
- Ikke bruk enheten i nærheten av badekar, dusjer, vasker eller andre beholdere som inneholder vann.
- Ikke senk enheten i vann eller andre væsker.
- Bruk bare enheten i frostfrie omgivelser.
- Plasser enheten på en stabil, flat overflate.
- Ikke la enheten stå i en fryser.
- Ikke dekk til enheten.
- Sørg for at enheten ikke kommer i kontakt med brennbare materialer.
- Hold enheten borte fra varmekilder.
- Vær forsiktig med varme deler.
- Vær forsiktig med varmt vann og damp for å unngå brannskader.
- Ikke la enheten stå uten tilsyn under bruk.
- Bruk bare enheten med den medfølgende basen.
- Slå bare på enheten når den er fylt med vann.
Elektrisk sikkerhet
CAUTION
RISK OF ELECTRIC SHOCK DO NOT OPEN
For å redusere faren for elektrisk støt, skal dette produktet bare åpnes av en autorisert tekniker når service er nødvendig.
- Koble produktet fra strømmen og annet utstyr dersom et problem oppstår.
- Ikke bruk enheten hvis strømkabelen eller støpselet er skadet eller defekt.
- Kontroller alltid at nettspenningen er den samme som spenningen på typeskiltet før bruk.
- Koble enheten til en jordet stikkontakt.
- Ikke la enheten stå uten tilsyn når den er koblet til strømnettet.
Bruk
Førstegangs bruk
- For å rengjøre innsiden av apparatet, fyll kjelen med vann og kok vannet. Se avsnittet "Tips ved bruk".
- Rengjør enheten og tilbehøret. Se avsnittet "Rengjøring og vedlikehold".
Tips ved bruk
Advarsel!
- Ikke åpne lokket under bruk.
- Før du fyller kjelen med vann, må du fjerne kjelen fra basen.
- Bruk bare kaldt vann fra springen.
- Sørg for at vannivået ikke overstiger maksimumsmerket.
- Ikke fjern kjelen fra basen før enheten er slått av.
- Fjern kjelen fra basen.
- Åpne lokket.
- Sørg for at det avtagbare filteret er plassert riktig i tuten.
- Fyll kjelen med vann.
- Lukk lokket.
- Sett kjelen på basen.
- Sett støpselet i stikkontakten.
- Slå på enheten ved å sette på/av-bryteren i posisjon "I".
- Ta ut støpselet fra stikkontakten.
- La enheten avkjøles helt.
Rengjøring og vedlikehold
Advarsel!
- Før rengjøring eller vedlikehold, slå av enheten, ta ut støpselet og vent til enheten har kjølt seg ned.
- Ikke senk enheten i vann eller andre væsker.
- Ikke rengjør enheten eller tilbehøret i oppvaskmaskinen.
- Ikke bruk rengjøringsmidler eller slipemidler.
- Ikke forsøk å reparere enheten.
- Fjern kalkavleiringer fra enheten regelmessig med et egnet avkalkingsmiddel.
- Rengjør utsiden av enheten med en myk, fuktig klut.
- Rengjør det avtagbare filteret i såpevann.
- Rengjør basen med en ren, tørr klut.
